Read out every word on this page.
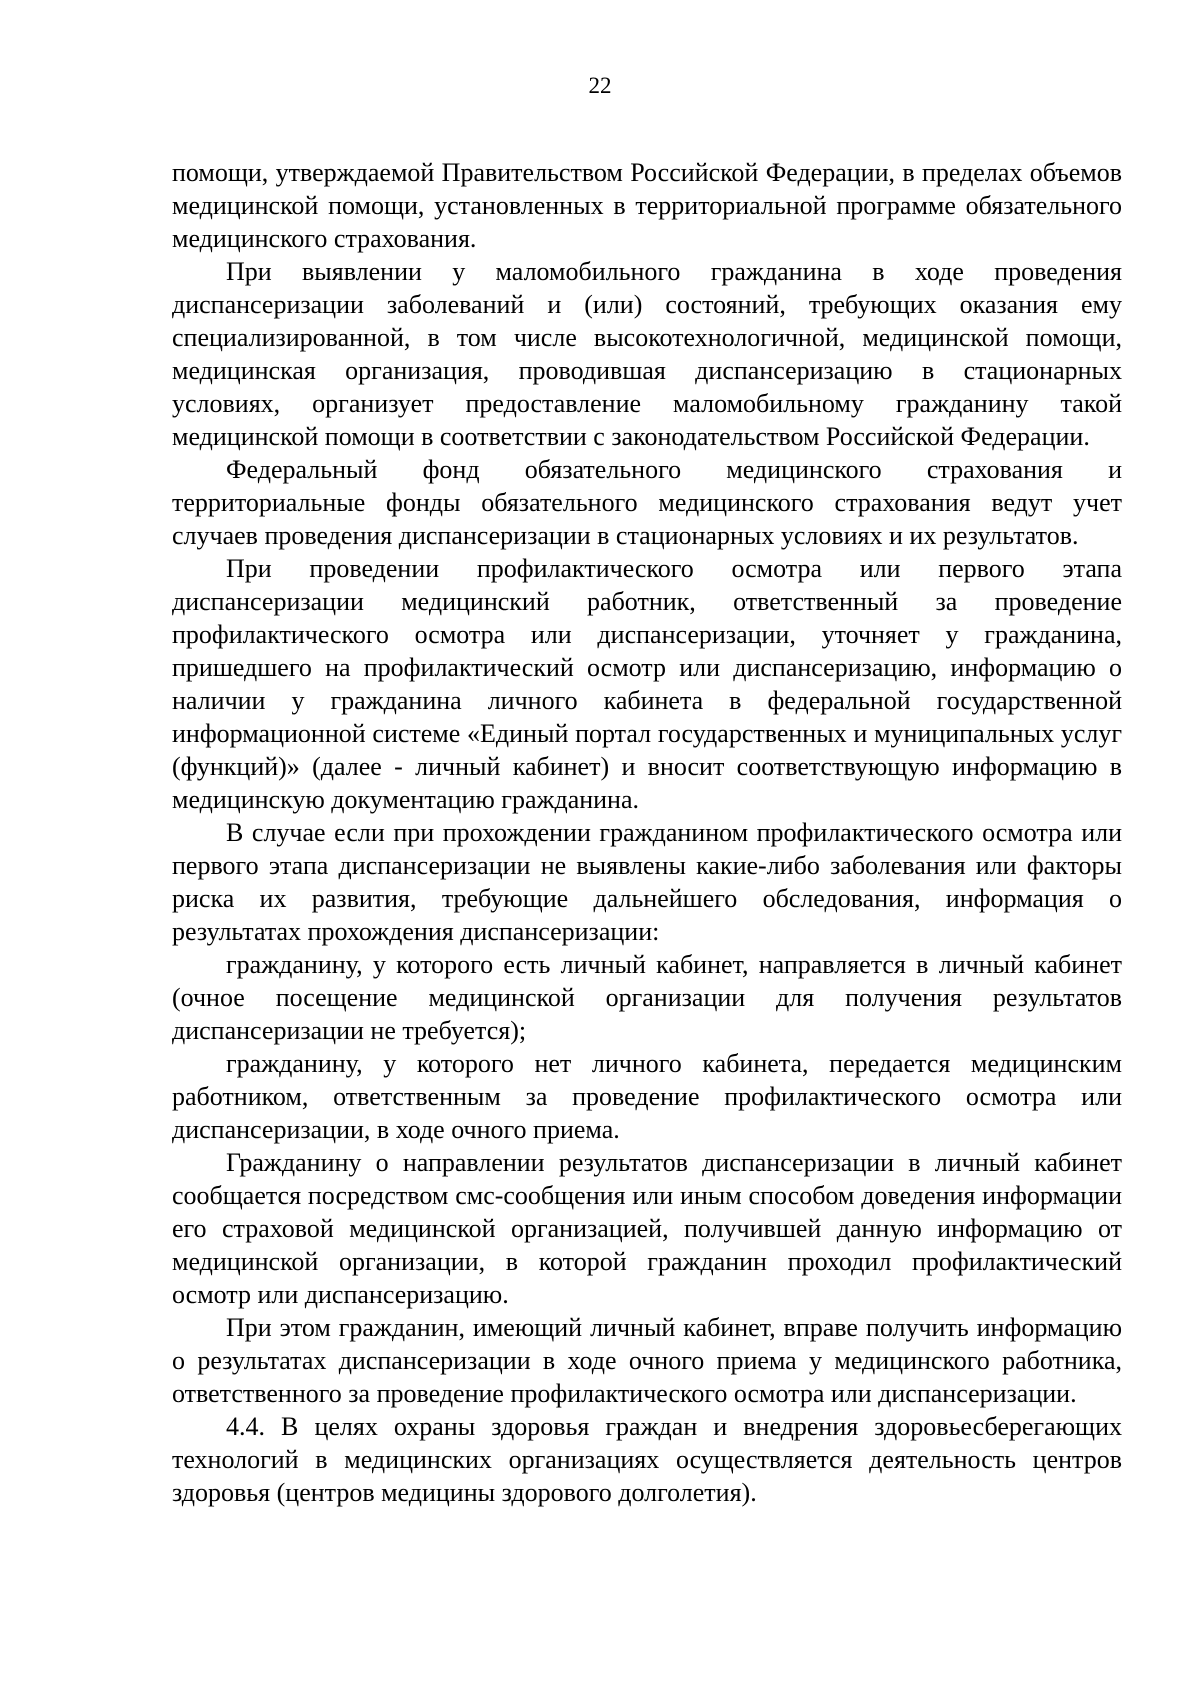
22

помощи, утверждаемой Правительством Российской Федерации, в пределах объемов медицинской помощи, установленных в территориальной программе обязательного медицинского страхования.

При выявлении у маломобильного гражданина в ходе проведения диспансеризации заболеваний и (или) состояний, требующих оказания ему специализированной, в том числе высокотехнологичной, медицинской помощи, медицинская организация, проводившая диспансеризацию в стационарных условиях, организует предоставление маломобильному гражданину такой медицинской помощи в соответствии с законодательством Российской Федерации.

Федеральный фонд обязательного медицинского страхования и территориальные фонды обязательного медицинского страхования ведут учет случаев проведения диспансеризации в стационарных условиях и их результатов.

При проведении профилактического осмотра или первого этапа диспансеризации медицинский работник, ответственный за проведение профилактического осмотра или диспансеризации, уточняет у гражданина, пришедшего на профилактический осмотр или диспансеризацию, информацию о наличии у гражданина личного кабинета в федеральной государственной информационной системе «Единый портал государственных и муниципальных услуг (функций)» (далее - личный кабинет) и вносит соответствующую информацию в медицинскую документацию гражданина.

В случае если при прохождении гражданином профилактического осмотра или первого этапа диспансеризации не выявлены какие-либо заболевания или факторы риска их развития, требующие дальнейшего обследования, информация о результатах прохождения диспансеризации:

гражданину, у которого есть личный кабинет, направляется в личный кабинет (очное посещение медицинской организации для получения результатов диспансеризации не требуется);

гражданину, у которого нет личного кабинета, передается медицинским работником, ответственным за проведение профилактического осмотра или диспансеризации, в ходе очного приема.

Гражданину о направлении результатов диспансеризации в личный кабинет сообщается посредством смс-сообщения или иным способом доведения информации его страховой медицинской организацией, получившей данную информацию от медицинской организации, в которой гражданин проходил профилактический осмотр или диспансеризацию.

При этом гражданин, имеющий личный кабинет, вправе получить информацию о результатах диспансеризации в ходе очного приема у медицинского работника, ответственного за проведение профилактического осмотра или диспансеризации.

4.4. В целях охраны здоровья граждан и внедрения здоровьесберегающих технологий в медицинских организациях осуществляется деятельность центров здоровья (центров медицины здорового долголетия).
